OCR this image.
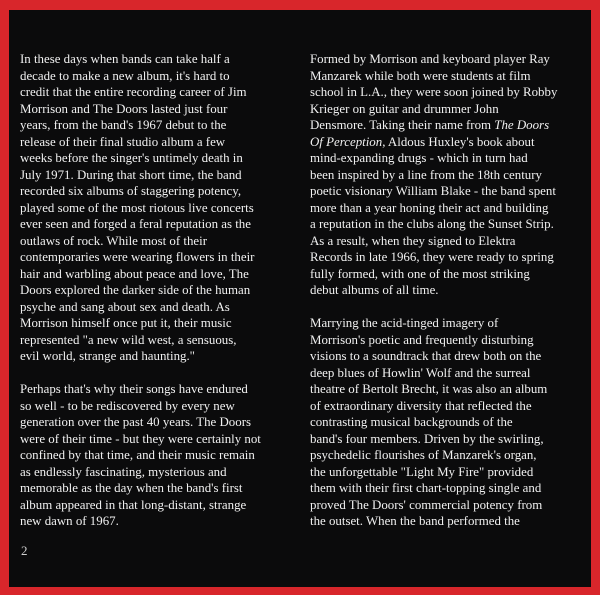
In these days when bands can take half a
decade to make a new album, it's hard to
credit that the entire recording career of Jim
Morrison and The Doors lasted just four
years, from the band's 1967 debut to the
release of their final studio album a few
weeks before the singer's untimely death in
July 1971. During that short time, the band
recorded six albums of staggering potency,
played some of the most riotous live concerts
ever seen and forged a feral reputation as the
outlaws of rock. While most of their
contemporaries were wearing flowers in their
hair and warbling about peace and love, The
Doors explored the darker side of the human
psyche and sang about sex and death. As
Morrison himself once put it, their music
represented "a new wild west, a sensuous,
evil world, strange and haunting."

Perhaps that's why their songs have endured
so well - to be rediscovered by every new
generation over the past 40 years. The Doors
were of their time - but they were certainly not
confined by that time, and their music remain
as endlessly fascinating, mysterious and
memorable as the day when the band's first
album appeared in that long-distant, strange
new dawn of 1967.

Formed by Morrison and keyboard player Ray
Manzarek while both were students at film
school in L.A., they were soon joined by Robby
Krieger on guitar and drummer John
Densmore. Taking their name from The Doors
Of Perception, Aldous Huxley's book about
mind-expanding drugs - which in turn had
been inspired by a line from the 18th century
poetic visionary William Blake - the band spent
more than a year honing their act and building
a reputation in the clubs along the Sunset Strip.
As a result, when they signed to Elektra
Records in late 1966, they were ready to spring
fully formed, with one of the most striking
debut albums of all time.

Marrying the acid-tinged imagery of
Morrison's poetic and frequently disturbing
visions to a soundtrack that drew both on the
deep blues of Howlin' Wolf and the surreal
theatre of Bertolt Brecht, it was also an album
of extraordinary diversity that reflected the
contrasting musical backgrounds of the
band's four members. Driven by the swirling,
psychedelic flourishes of Manzarek's organ,
the unforgettable "Light My Fire" provided
them with their first chart-topping single and
proved The Doors' commercial potency from
the outset. When the band performed the

2
